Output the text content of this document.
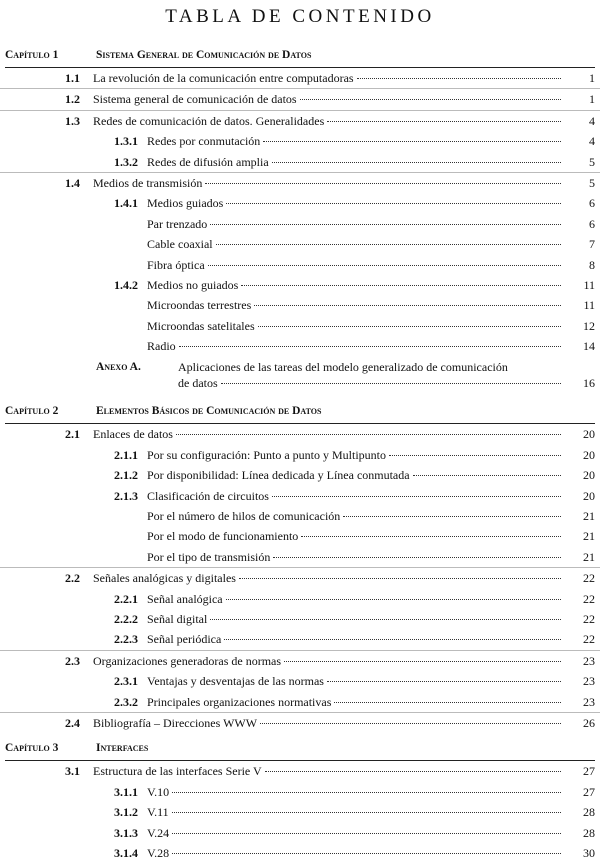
TABLA DE CONTENIDO
Capítulo 1	Sistema General de Comunicación de Datos
1.1 La revolución de la comunicación entre computadoras	1
1.2 Sistema general de comunicación de datos	1
1.3 Redes de comunicación de datos. Generalidades	4
1.3.1 Redes por conmutación	4
1.3.2 Redes de difusión amplia	5
1.4 Medios de transmisión	5
1.4.1 Medios guiados	6
Par trenzado	6
Cable coaxial	7
Fibra óptica	8
1.4.2 Medios no guiados	11
Microondas terrestres	11
Microondas satelitales	12
Radio	14
Anexo A.	Aplicaciones de las tareas del modelo generalizado de comunicación
de datos	16
Capítulo 2	Elementos Básicos de Comunicación de Datos
2.1 Enlaces de datos	20
2.1.1 Por su configuración: Punto a punto y Multipunto	20
2.1.2 Por disponibilidad: Línea dedicada y Línea conmutada	20
2.1.3 Clasificación de circuitos	20
Por el número de hilos de comunicación	21
Por el modo de funcionamiento	21
Por el tipo de transmisión	21
2.2 Señales analógicas y digitales	22
2.2.1 Señal analógica	22
2.2.2 Señal digital	22
2.2.3 Señal periódica	22
2.3 Organizaciones generadoras de normas	23
2.3.1 Ventajas y desventajas de las normas	23
2.3.2 Principales organizaciones normativas	23
2.4 Bibliografía – Direcciones WWW	26
Capítulo 3	Interfaces
3.1 Estructura de las interfaces Serie V	27
3.1.1 V.10	27
3.1.2 V.11	28
3.1.3 V.24	28
3.1.4 V.28	30
